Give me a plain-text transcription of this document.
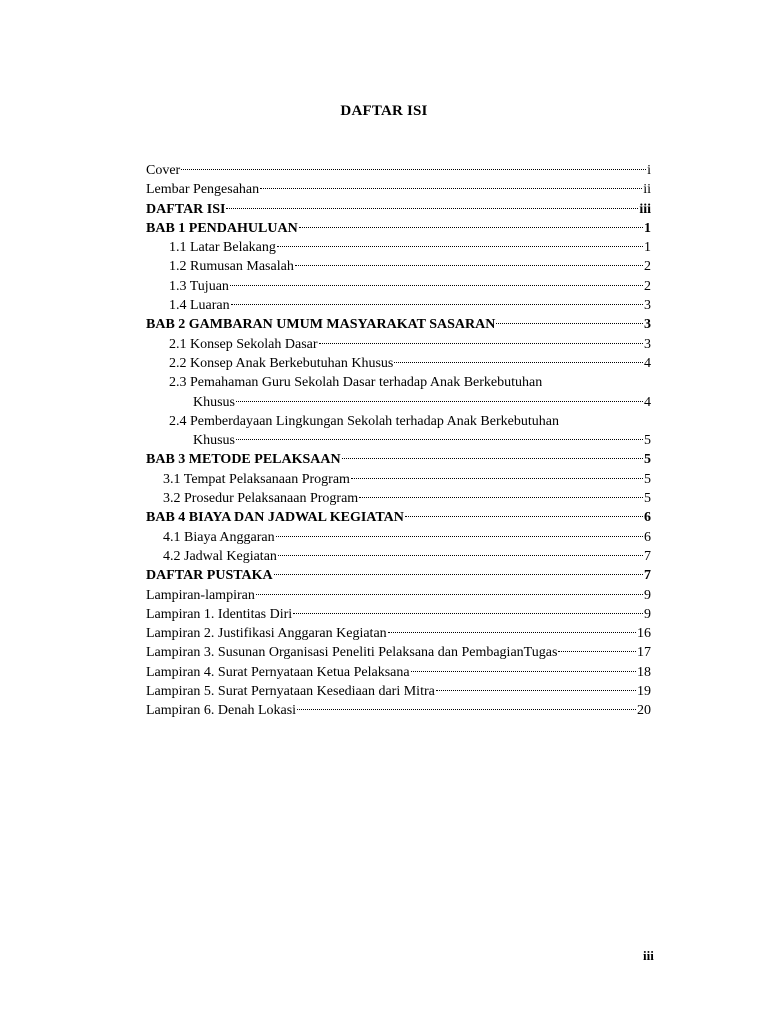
DAFTAR ISI
Cover	i
Lembar Pengesahan	ii
DAFTAR ISI	iii
BAB 1 PENDAHULUAN	1
1.1 Latar Belakang	1
1.2 Rumusan Masalah	2
1.3 Tujuan	2
1.4 Luaran	3
BAB 2 GAMBARAN UMUM MASYARAKAT SASARAN	3
2.1 Konsep Sekolah Dasar	3
2.2 Konsep Anak Berkebutuhan Khusus	4
2.3 Pemahaman Guru Sekolah Dasar terhadap Anak Berkebutuhan
Khusus	4
2.4 Pemberdayaan Lingkungan Sekolah terhadap Anak Berkebutuhan
Khusus	5
BAB 3 METODE PELAKSAAN	5
3.1 Tempat Pelaksanaan Program	5
3.2 Prosedur Pelaksanaan Program	5
BAB 4 BIAYA DAN JADWAL KEGIATAN	6
4.1 Biaya Anggaran	6
4.2 Jadwal Kegiatan	7
DAFTAR PUSTAKA	7
Lampiran-lampiran	9
Lampiran 1. Identitas Diri	9
Lampiran 2. Justifikasi Anggaran Kegiatan	16
Lampiran 3. Susunan Organisasi Peneliti Pelaksana dan PembagianTugas	17
Lampiran 4. Surat Pernyataan Ketua Pelaksana	18
Lampiran 5. Surat Pernyataan Kesediaan dari Mitra	19
Lampiran 6. Denah Lokasi	20
iii
